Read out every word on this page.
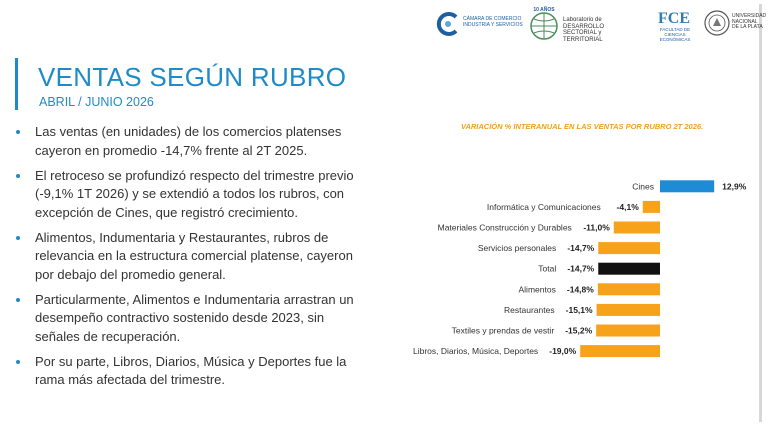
CÁMARA DE COMERCIO INDUSTRIA Y SERVICIOS
10 AÑOS
Laboratorio de DESARROLLO SECTORIAL y TERRITORIAL
FCE
FACULTAD DE CIENCIAS ECONÓMICAS
UNIVERSIDAD NACIONAL DE LA PLATA
VENTAS SEGÚN RUBRO

ABRIL / JUNIO 2026

Las ventas (en unidades) de los comercios platenses cayeron en promedio -14,7% frente al 2T 2025.
El retroceso se profundizó respecto del trimestre previo (-9,1% 1T 2026) y se extendió a todos los rubros, con excepción de Cines, que registró crecimiento.
Alimentos, Indumentaria y Restaurantes, rubros de relevancia en la estructura comercial platense, cayeron por debajo del promedio general.
Particularmente, Alimentos e Indumentaria arrastran un desempeño contractivo sostenido desde 2023, sin señales de recuperación.
Por su parte, Libros, Diarios, Música y Deportes fue la rama más afectada del trimestre.
VARIACIÓN % INTERANUAL EN LAS VENTAS POR RUBRO 2T 2026.
Cines	12,9%
Informática y Comunicaciones -4,1%
Materiales Construcción y Durables -11,0%
Servicios personales -14,7%
Total -14,7%
Alimentos -14,8%
Restaurantes -15,1%
Textiles y prendas de vestir -15,2%
Libros, Diarios, Música, Deportes -19,0%
